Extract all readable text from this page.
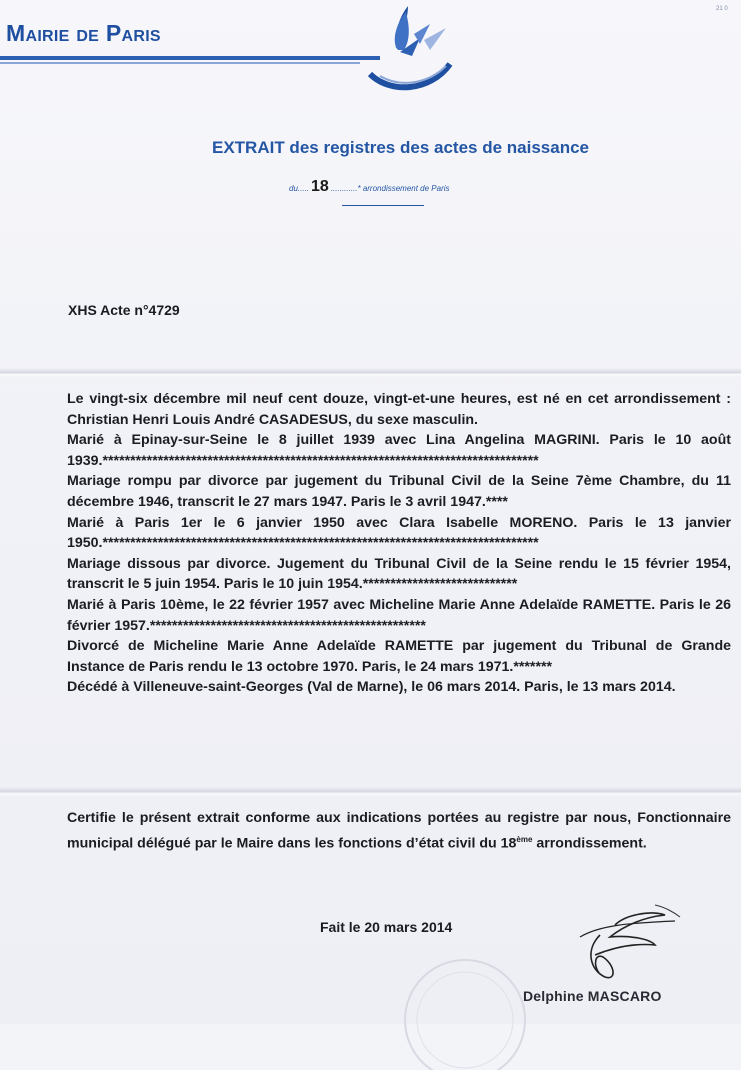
21 0
Mairie de Paris
EXTRAIT des registres des actes de naissance
du..... 18 ............* arrondissement de Paris
XHS Acte n°4729

Le vingt-six décembre mil neuf cent douze, vingt-et-une heures, est né en cet arrondissement : Christian Henri Louis André CASADESUS, du sexe masculin.

Marié à Epinay-sur-Seine le 8 juillet 1939 avec Lina Angelina MAGRINI. Paris le 10 août 1939.*******************************************************************************

Mariage rompu par divorce par jugement du Tribunal Civil de la Seine 7ème Chambre, du 11 décembre 1946, transcrit le 27 mars 1947. Paris le 3 avril 1947.****

Marié à Paris 1er le 6 janvier 1950 avec Clara Isabelle MORENO. Paris le 13 janvier 1950.*******************************************************************************

Mariage dissous par divorce. Jugement du Tribunal Civil de la Seine rendu le 15 février 1954, transcrit le 5 juin 1954. Paris le 10 juin 1954.****************************

Marié à Paris 10ème, le 22 février 1957 avec Micheline Marie Anne Adelaïde RAMETTE. Paris le 26 février 1957.**************************************************

Divorcé de Micheline Marie Anne Adelaïde RAMETTE par jugement du Tribunal de Grande Instance de Paris rendu le 13 octobre 1970. Paris, le 24 mars 1971.*******

Décédé à Villeneuve-saint-Georges (Val de Marne), le 06 mars 2014. Paris, le 13 mars 2014.

Certifie le présent extrait conforme aux indications portées au registre par nous, Fonctionnaire municipal délégué par le Maire dans les fonctions d’état civil du 18ème arrondissement.
Fait le 20 mars 2014
Delphine MASCARO
